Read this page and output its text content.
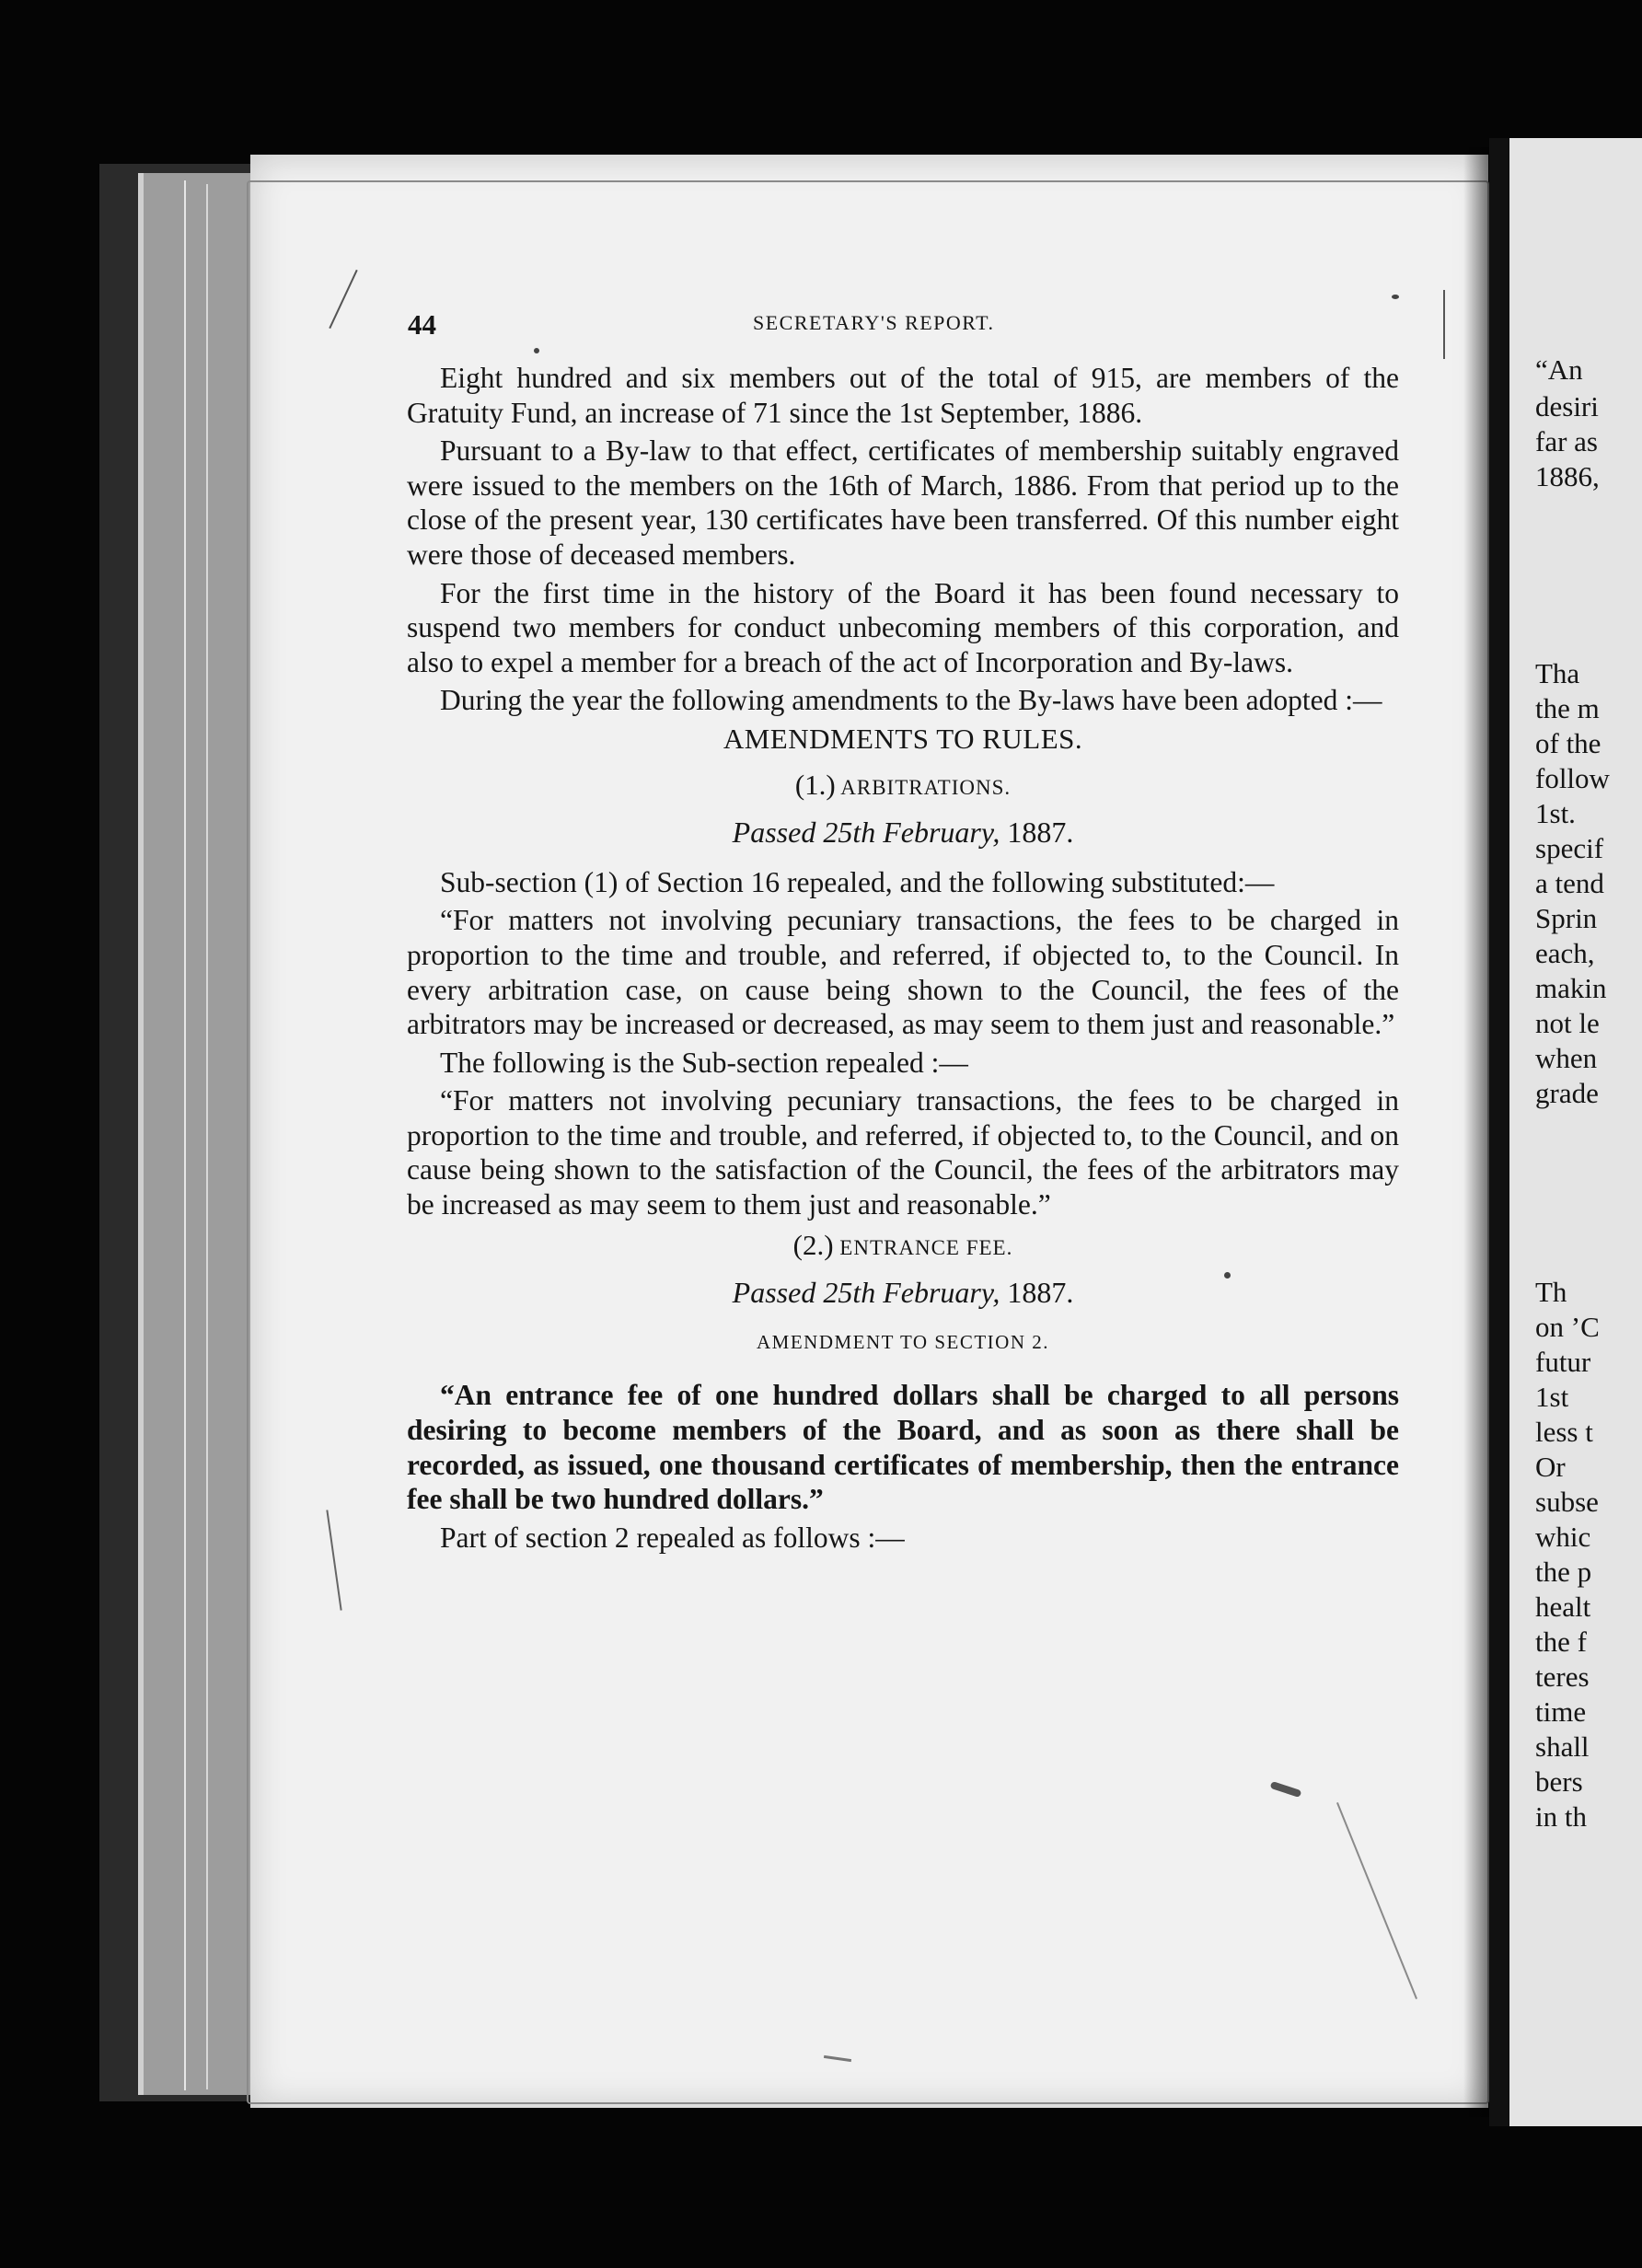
“An
desiri
far as
1886,
Tha
the m
of the
follow
1st.
specif
a tend
Sprin
each,
makin
not le
when
grade
Th
on ’C
futur
1st
less t
Or
subse
whic
the p
healt
the f
teres
time
shall
bers
in th
44	SECRETARY'S REPORT.

Eight hundred and six members out of the total of 915, are members of the Gratuity Fund, an increase of 71 since the 1st September, 1886.

Pursuant to a By-law to that effect, certificates of membership suitably engraved were issued to the members on the 16th of March, 1886. From that period up to the close of the present year, 130 certificates have been transferred. Of this number eight were those of deceased members.

For the first time in the history of the Board it has been found necessary to suspend two members for conduct unbecoming members of this corporation, and also to expel a member for a breach of the act of Incorporation and By-laws.

During the year the following amendments to the By-laws have been adopted :—

AMENDMENTS TO RULES.
(1.) ARBITRATIONS.
Passed 25th February, 1887.

Sub-section (1) of Section 16 repealed, and the following substituted:—

“For matters not involving pecuniary transactions, the fees to be charged in proportion to the time and trouble, and referred, if objected to, to the Council. In every arbitration case, on cause being shown to the Council, the fees of the arbitrators may be increased or decreased, as may seem to them just and reasonable.”

The following is the Sub-section repealed :—

“For matters not involving pecuniary transactions, the fees to be charged in proportion to the time and trouble, and referred, if objected to, to the Council, and on cause being shown to the satisfaction of the Council, the fees of the arbitrators may be increased as may seem to them just and reasonable.”

(2.) ENTRANCE FEE.
Passed 25th February, 1887.
AMENDMENT TO SECTION 2.

“An entrance fee of one hundred dollars shall be charged to all persons desiring to become members of the Board, and as soon as there shall be recorded, as issued, one thousand certificates of membership, then the entrance fee shall be two hundred dollars.”

Part of section 2 repealed as follows :—
